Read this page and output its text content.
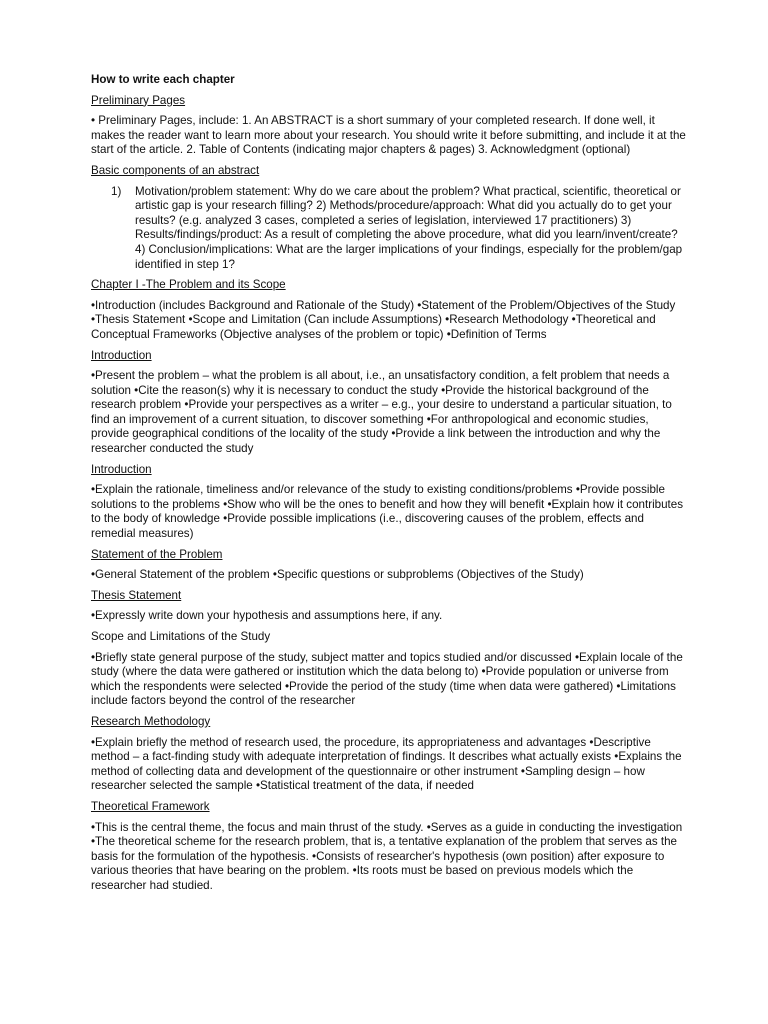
How to write each chapter
Preliminary Pages
• Preliminary Pages, include: 1. An ABSTRACT is a short summary of your completed research. If done well, it makes the reader want to learn more about your research. You should write it before submitting, and include it at the start of the article. 2. Table of Contents (indicating major chapters & pages) 3. Acknowledgment (optional)
Basic components of an abstract
1)	Motivation/problem statement: Why do we care about the problem? What practical, scientific, theoretical or artistic gap is your research filling? 2) Methods/procedure/approach: What did you actually do to get your results? (e.g. analyzed 3 cases, completed a series of legislation, interviewed 17 practitioners) 3) Results/findings/product: As a result of completing the above procedure, what did you learn/invent/create? 4) Conclusion/implications: What are the larger implications of your findings, especially for the problem/gap identified in step 1?
Chapter I -The Problem and its Scope
•Introduction (includes Background and Rationale of the Study) •Statement of the Problem/Objectives of the Study •Thesis Statement •Scope and Limitation (Can include Assumptions) •Research Methodology •Theoretical and Conceptual Frameworks (Objective analyses of the problem or topic) •Definition of Terms
Introduction
•Present the problem – what the problem is all about, i.e., an unsatisfactory condition, a felt problem that needs a solution •Cite the reason(s) why it is necessary to conduct the study •Provide the historical background of the research problem •Provide your perspectives as a writer – e.g., your desire to understand a particular situation, to find an improvement of a current situation, to discover something •For anthropological and economic studies, provide geographical conditions of the locality of the study •Provide a link between the introduction and why the researcher conducted the study
Introduction
•Explain the rationale, timeliness and/or relevance of the study to existing conditions/problems •Provide possible solutions to the problems •Show who will be the ones to benefit and how they will benefit •Explain how it contributes to the body of knowledge •Provide possible implications (i.e., discovering causes of the problem, effects and remedial measures)
Statement of the Problem
•General Statement of the problem •Specific questions or subproblems (Objectives of the Study)
Thesis Statement
•Expressly write down your hypothesis and assumptions here, if any.
Scope and Limitations of the Study
•Briefly state general purpose of the study, subject matter and topics studied and/or discussed •Explain locale of the study (where the data were gathered or institution which the data belong to) •Provide population or universe from which the respondents were selected •Provide the period of the study (time when data were gathered) •Limitations include factors beyond the control of the researcher
Research Methodology
•Explain briefly the method of research used, the procedure, its appropriateness and advantages •Descriptive method – a fact-finding study with adequate interpretation of findings. It describes what actually exists •Explains the method of collecting data and development of the questionnaire or other instrument •Sampling design – how researcher selected the sample •Statistical treatment of the data, if needed
Theoretical Framework
•This is the central theme, the focus and main thrust of the study. •Serves as a guide in conducting the investigation •The theoretical scheme for the research problem, that is, a tentative explanation of the problem that serves as the basis for the formulation of the hypothesis. •Consists of researcher's hypothesis (own position) after exposure to various theories that have bearing on the problem. •Its roots must be based on previous models which the researcher had studied.
